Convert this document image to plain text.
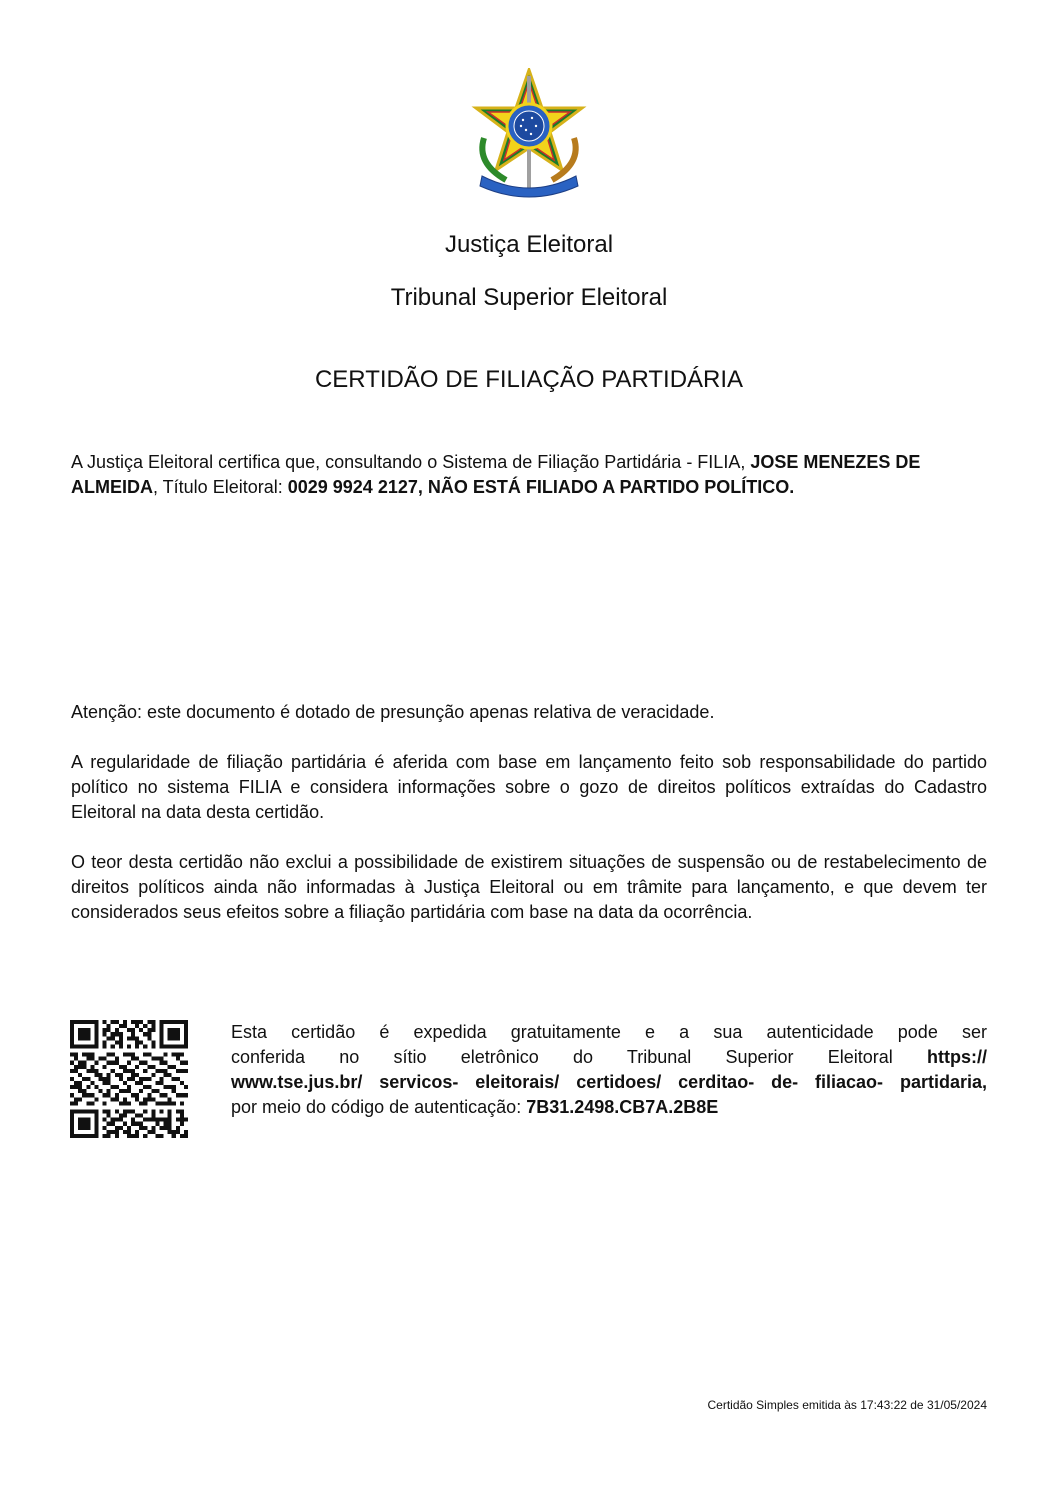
Justiça Eleitoral
Tribunal Superior Eleitoral
CERTIDÃO DE FILIAÇÃO PARTIDÁRIA

A Justiça Eleitoral certifica que, consultando o Sistema de Filiação Partidária - FILIA, JOSE MENEZES DE ALMEIDA, Título Eleitoral: 0029 9924 2127, NÃO ESTÁ FILIADO A PARTIDO POLÍTICO.

Atenção: este documento é dotado de presunção apenas relativa de veracidade.

A regularidade de filiação partidária é aferida com base em lançamento feito sob responsabilidade do partido político no sistema FILIA e considera informações sobre o gozo de direitos políticos extraídas do Cadastro Eleitoral na data desta certidão.

O teor desta certidão não exclui a possibilidade de existirem situações de suspensão ou de restabelecimento de direitos políticos ainda não informadas à Justiça Eleitoral ou em trâmite para lançamento, e que devem ter considerados seus efeitos sobre a filiação partidária com base na data da ocorrência.

Esta certidão é expedida gratuitamente e a sua autenticidade pode ser
conferida no sítio eletrônico do Tribunal Superior Eleitoral https://
www.tse.jus.br/ servicos- eleitorais/ certidoes/ cerditao- de- filiacao- partidaria,
por meio do código de autenticação: 7B31.2498.CB7A.2B8E
Certidão Simples emitida às 17:43:22 de 31/05/2024
